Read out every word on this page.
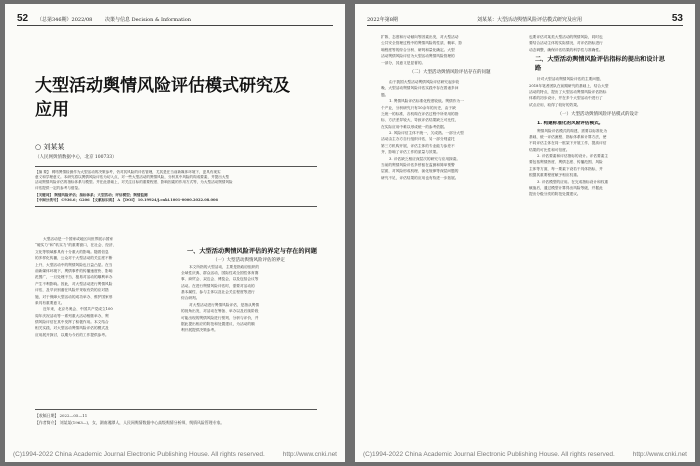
52 （总第346期）2022/08	决策与信息 Decision & Information
大型活动舆情风险评估模式研究及应用
○ 刘某某
（人民网舆情数据中心，北京 100733）
【摘 要】 网络舆情检测作为大型活动的决策参考，仍对其风险的评估管理，尤其是在当前新媒体环境下，更具有现实
意义和学理意义。本研究将以舆情风险评估为切入点，对一些大型活动的舆情风险，分析其中风险的构成要素，并提出大型
活动舆情风险评估的指标体系与模型。并在此基础上，对关注目标的重要程度、影响因素的作用方式等，为大型活动舆情风险
评估提供一定的参考与借鉴。
【关键词】 舆情风险评估；指标体系；大型活动；评估模型；舆情监测
【中图分类号】 C936.6；G206 【文献标识码】 A 【DOI】 10.19924/j.cnki.1001-0000.2022.08.006
大型活动是一个国家或地区向世界展示国家
“硬实力”和“软实力”的重要窗口，在社会、经济、
文化等领域都具有十分重大的影响。随着信息
的多样化传播，公众对于大型活动的关注度不断
上升，大型活动中的舆情风险也日益凸显。在当
前新媒体环境下，舆情事件的传播速度快、影响
范围广，一旦处理不当，极易对活动的顺利举办
产生不利影响。因此，对大型活动进行舆情风险
评估，及早识别潜在风险并采取有效的应对措
施，对于保障大型活动的成功举办、维护国家形
象具有重要意义。
近年来，北京冬奥会、中国共产党成立100
周年庆祝活动等一系列重大活动相继举办，舆
情风险评估在其中发挥了积极作用。本文结合
相关实践，对大型活动舆情风险评估的模式及
应用展开探讨，以期为今后的工作提供参考。
一、大型活动舆情风险评估的界定与存在的问题
（一）大型活动舆情风险评估的界定
本文所指的大型活动，主要是指政府组织的
全域性庆典、群众活动，国际性或全国性体育赛
事、商贸会、双边会、博览会，以及包括会议等
活动。在进行舆情风险评估时，需要对活动的
基本属性、参与主体以及社会关注程度等进行
综合研判。
对大型活动进行舆情风险评估，是指从舆情
的视角出发，对活动在筹备、举办以及后续阶段
可能出现的舆情风险进行预判、分析与评价，并
据此提出相应的防范和处置建议，为活动的顺
利开展提供决策参考。
【收稿日期】 2022—05—11
【作者简介】 刘某某(1963—)，女，湖南湘潭人，人民网舆情数据中心高级舆情分析师，舆情风险管理专家。
(C)1994-2022 China Academic Journal Electronic Publishing House. All rights reserved.	http://www.cnki.net
2022年第8期	刘某某：大型活动舆情风险评估模式研究及应用	53
扩散、态度和行动倾向等因素出发，对大型活动
公共安全管理过程中的舆情风险的性质、概率、影
响程度等的综合分析、研判和量化确定。大型
活动舆情风险评估为大型活动舆情风险管理的
一部分，其意义是显著的。
（二）大型活动舆情风险评估存在的问题
由于我国大型活动舆情风险评估研究起步较
晚，大型活动舆情风险评估实践中存在着诸多问
题。
1. 舆情风险评估标准化程度较低。舆情作为一
个产业，分析研究只有10余年的历史，由于缺
乏统一的标准，各机构在评估过程中所采用的指
标、方法差异较大，导致评估结果缺乏可比性，
在实际应用中难以形成统一的参考依据。
2. 风险评估主体不统一，欠成熟。一部分大型
活动由主办方自行组织评估，另一部分则委托
第三方机构开展，评估主体的专业能力参差不
齐，影响了评估工作的质量与效果。
3. 评估缺乏相应深层次的研究与应用探索。
当前的舆情风险评估多停留在监测和简单预警
层面，对风险形成机理、演化规律等深层问题的
研究不足，评估结果的应用也有待进一步拓展。
也要评估对某类大型活动的舆情风险，同时也
要结合活动主体的实际情况，对评估指标进行
动态调整，确保评估结果的科学性与准确性。
二、大型活动舆情风险评估指标的提出和设计思路
针对大型活动舆情风险评估的主要问题，
2018年笔者团队在前期研究的基础上，结合大型
活动的特点，提出了大型活动舆情风险评估指标
体系的初步设计，并在多个大型活动中进行了
试点应用，取得了较好的效果。
（一）大型活动舆情风险评估模式的设计
1. 构建标准化的风险评估模式。
舆情风险评估模式的构建，需要以标准化为
基础，统一评估流程、指标体系和计算方法，使
不同评估主体在同一框架下开展工作，提高评估
结果的可比性和可信度。
2. 评估要素和评估指标的设计。评估要素主
要包括舆情热度、舆情态度、传播范围、风险
主体等方面，每一要素下设若干具体指标，并
根据其重要程度赋予相应权重。
3. 评估模型的应用。在完成指标设计和权重
赋值后，通过模型计算得出风险等级，并据此
提出分级分类的防范处置建议。
(C)1994-2022 China Academic Journal Electronic Publishing House. All rights reserved.	http://www.cnki.net
